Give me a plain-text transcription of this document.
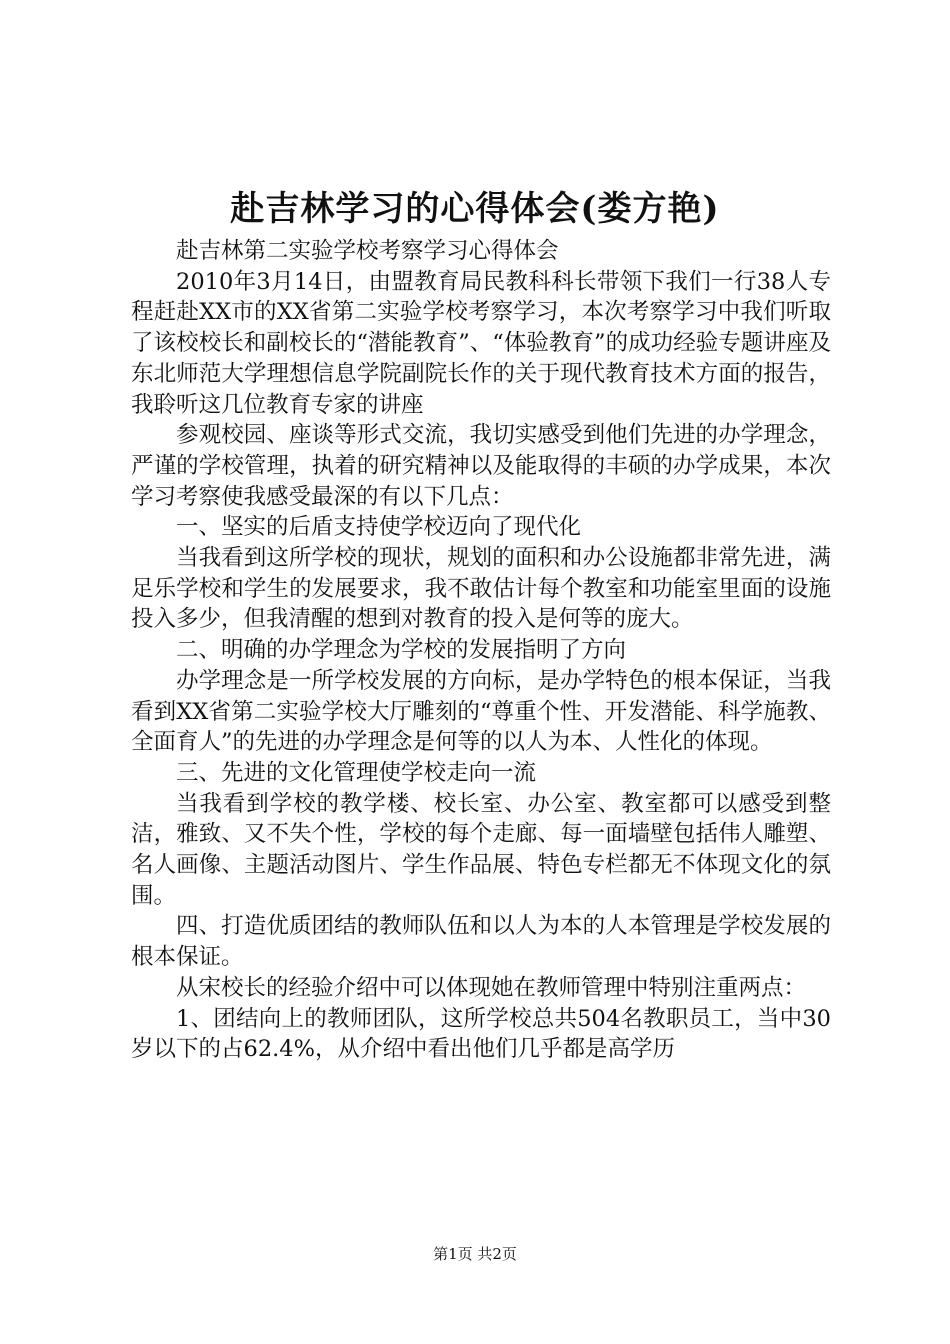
赴吉林学习的心得体会(娄方艳)

赴吉林第二实验学校考察学习心得体会

2010年3月14日，由盟教育局民教科科长带领下我们一行38人专程赶赴XX市的XX省第二实验学校考察学习，本次考察学习中我们听取了该校校长和副校长的“潜能教育”、“体验教育”的成功经验专题讲座及东北师范大学理想信息学院副院长作的关于现代教育技术方面的报告，我聆听这几位教育专家的讲座

参观校园、座谈等形式交流，我切实感受到他们先进的办学理念，严谨的学校管理，执着的研究精神以及能取得的丰硕的办学成果，本次学习考察使我感受最深的有以下几点：

一、坚实的后盾支持使学校迈向了现代化

当我看到这所学校的现状，规划的面积和办公设施都非常先进，满足乐学校和学生的发展要求，我不敢估计每个教室和功能室里面的设施投入多少，但我清醒的想到对教育的投入是何等的庞大。

二、明确的办学理念为学校的发展指明了方向

办学理念是一所学校发展的方向标，是办学特色的根本保证，当我看到XX省第二实验学校大厅雕刻的“尊重个性、开发潜能、科学施教、全面育人”的先进的办学理念是何等的以人为本、人性化的体现。

三、先进的文化管理使学校走向一流

当我看到学校的教学楼、校长室、办公室、教室都可以感受到整洁，雅致、又不失个性，学校的每个走廊、每一面墙壁包括伟人雕塑、名人画像、主题活动图片、学生作品展、特色专栏都无不体现文化的氛围。

四、打造优质团结的教师队伍和以人为本的人本管理是学校发展的根本保证。

从宋校长的经验介绍中可以体现她在教师管理中特别注重两点：

1、团结向上的教师团队，这所学校总共504名教职员工，当中30岁以下的占62.4%，从介绍中看出他们几乎都是高学历

第1页 共2页
